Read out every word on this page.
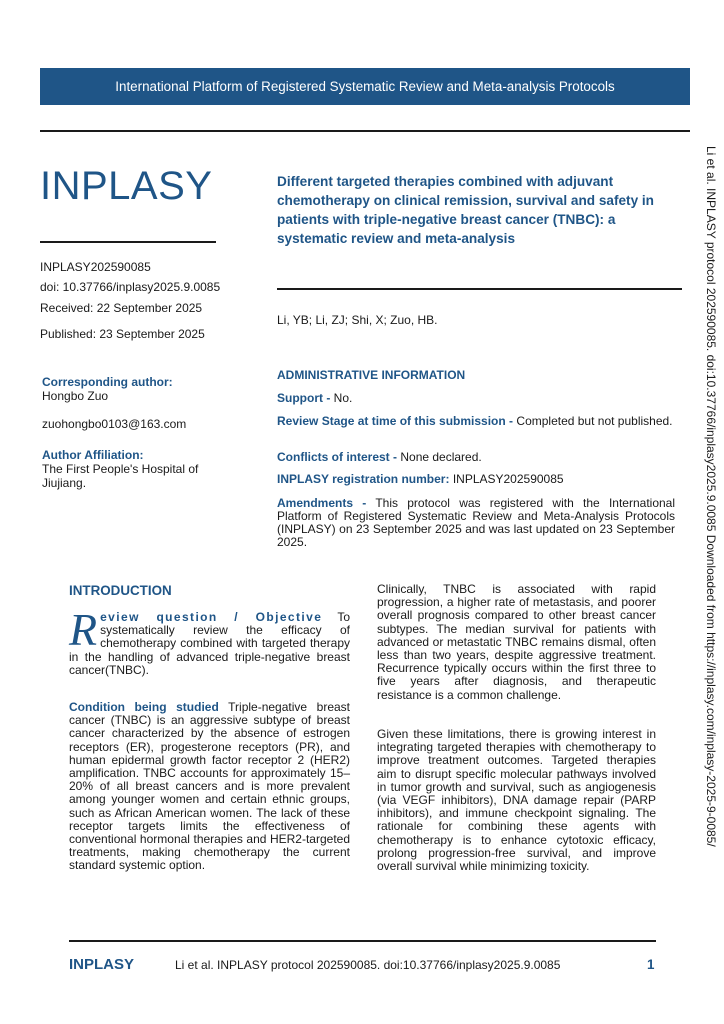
International Platform of Registered Systematic Review and Meta-analysis Protocols
INPLASY
INPLASY202590085
doi: 10.37766/inplasy2025.9.0085
Received: 22 September 2025
Published: 23 September 2025
Different targeted therapies combined with adjuvant chemotherapy on clinical remission, survival and safety in patients with triple-negative breast cancer (TNBC): a systematic review and meta-analysis
Li, YB; Li, ZJ; Shi, X; Zuo, HB.
Corresponding author:
Hongbo Zuo
zuohongbo0103@163.com
Author Affiliation:
The First People's Hospital of Jiujiang.
ADMINISTRATIVE INFORMATION
Support - No.
Review Stage at time of this submission - Completed but not published.
Conflicts of interest - None declared.
INPLASY registration number: INPLASY202590085
Amendments - This protocol was registered with the International Platform of Registered Systematic Review and Meta-Analysis Protocols (INPLASY) on 23 September 2025 and was last updated on 23 September 2025.
INTRODUCTION
Review question / Objective To systematically review the efficacy of chemotherapy combined with targeted therapy in the handling of advanced triple-negative breast cancer(TNBC).
Condition being studied Triple-negative breast cancer (TNBC) is an aggressive subtype of breast cancer characterized by the absence of estrogen receptors (ER), progesterone receptors (PR), and human epidermal growth factor receptor 2 (HER2) amplification. TNBC accounts for approximately 15–20% of all breast cancers and is more prevalent among younger women and certain ethnic groups, such as African American women. The lack of these receptor targets limits the effectiveness of conventional hormonal therapies and HER2-targeted treatments, making chemotherapy the current standard systemic option.
Clinically, TNBC is associated with rapid progression, a higher rate of metastasis, and poorer overall prognosis compared to other breast cancer subtypes. The median survival for patients with advanced or metastatic TNBC remains dismal, often less than two years, despite aggressive treatment. Recurrence typically occurs within the first three to five years after diagnosis, and therapeutic resistance is a common challenge.
Given these limitations, there is growing interest in integrating targeted therapies with chemotherapy to improve treatment outcomes. Targeted therapies aim to disrupt specific molecular pathways involved in tumor growth and survival, such as angiogenesis (via VEGF inhibitors), DNA damage repair (PARP inhibitors), and immune checkpoint signaling. The rationale for combining these agents with chemotherapy is to enhance cytotoxic efficacy, prolong progression-free survival, and improve overall survival while minimizing toxicity.
Li et al. INPLASY protocol 202590085. doi:10.37766/inplasy2025.9.0085 Downloaded from https://inplasy.com/inplasy-2025-9-0085/
INPLASY	Li et al. INPLASY protocol 202590085. doi:10.37766/inplasy2025.9.0085	1
